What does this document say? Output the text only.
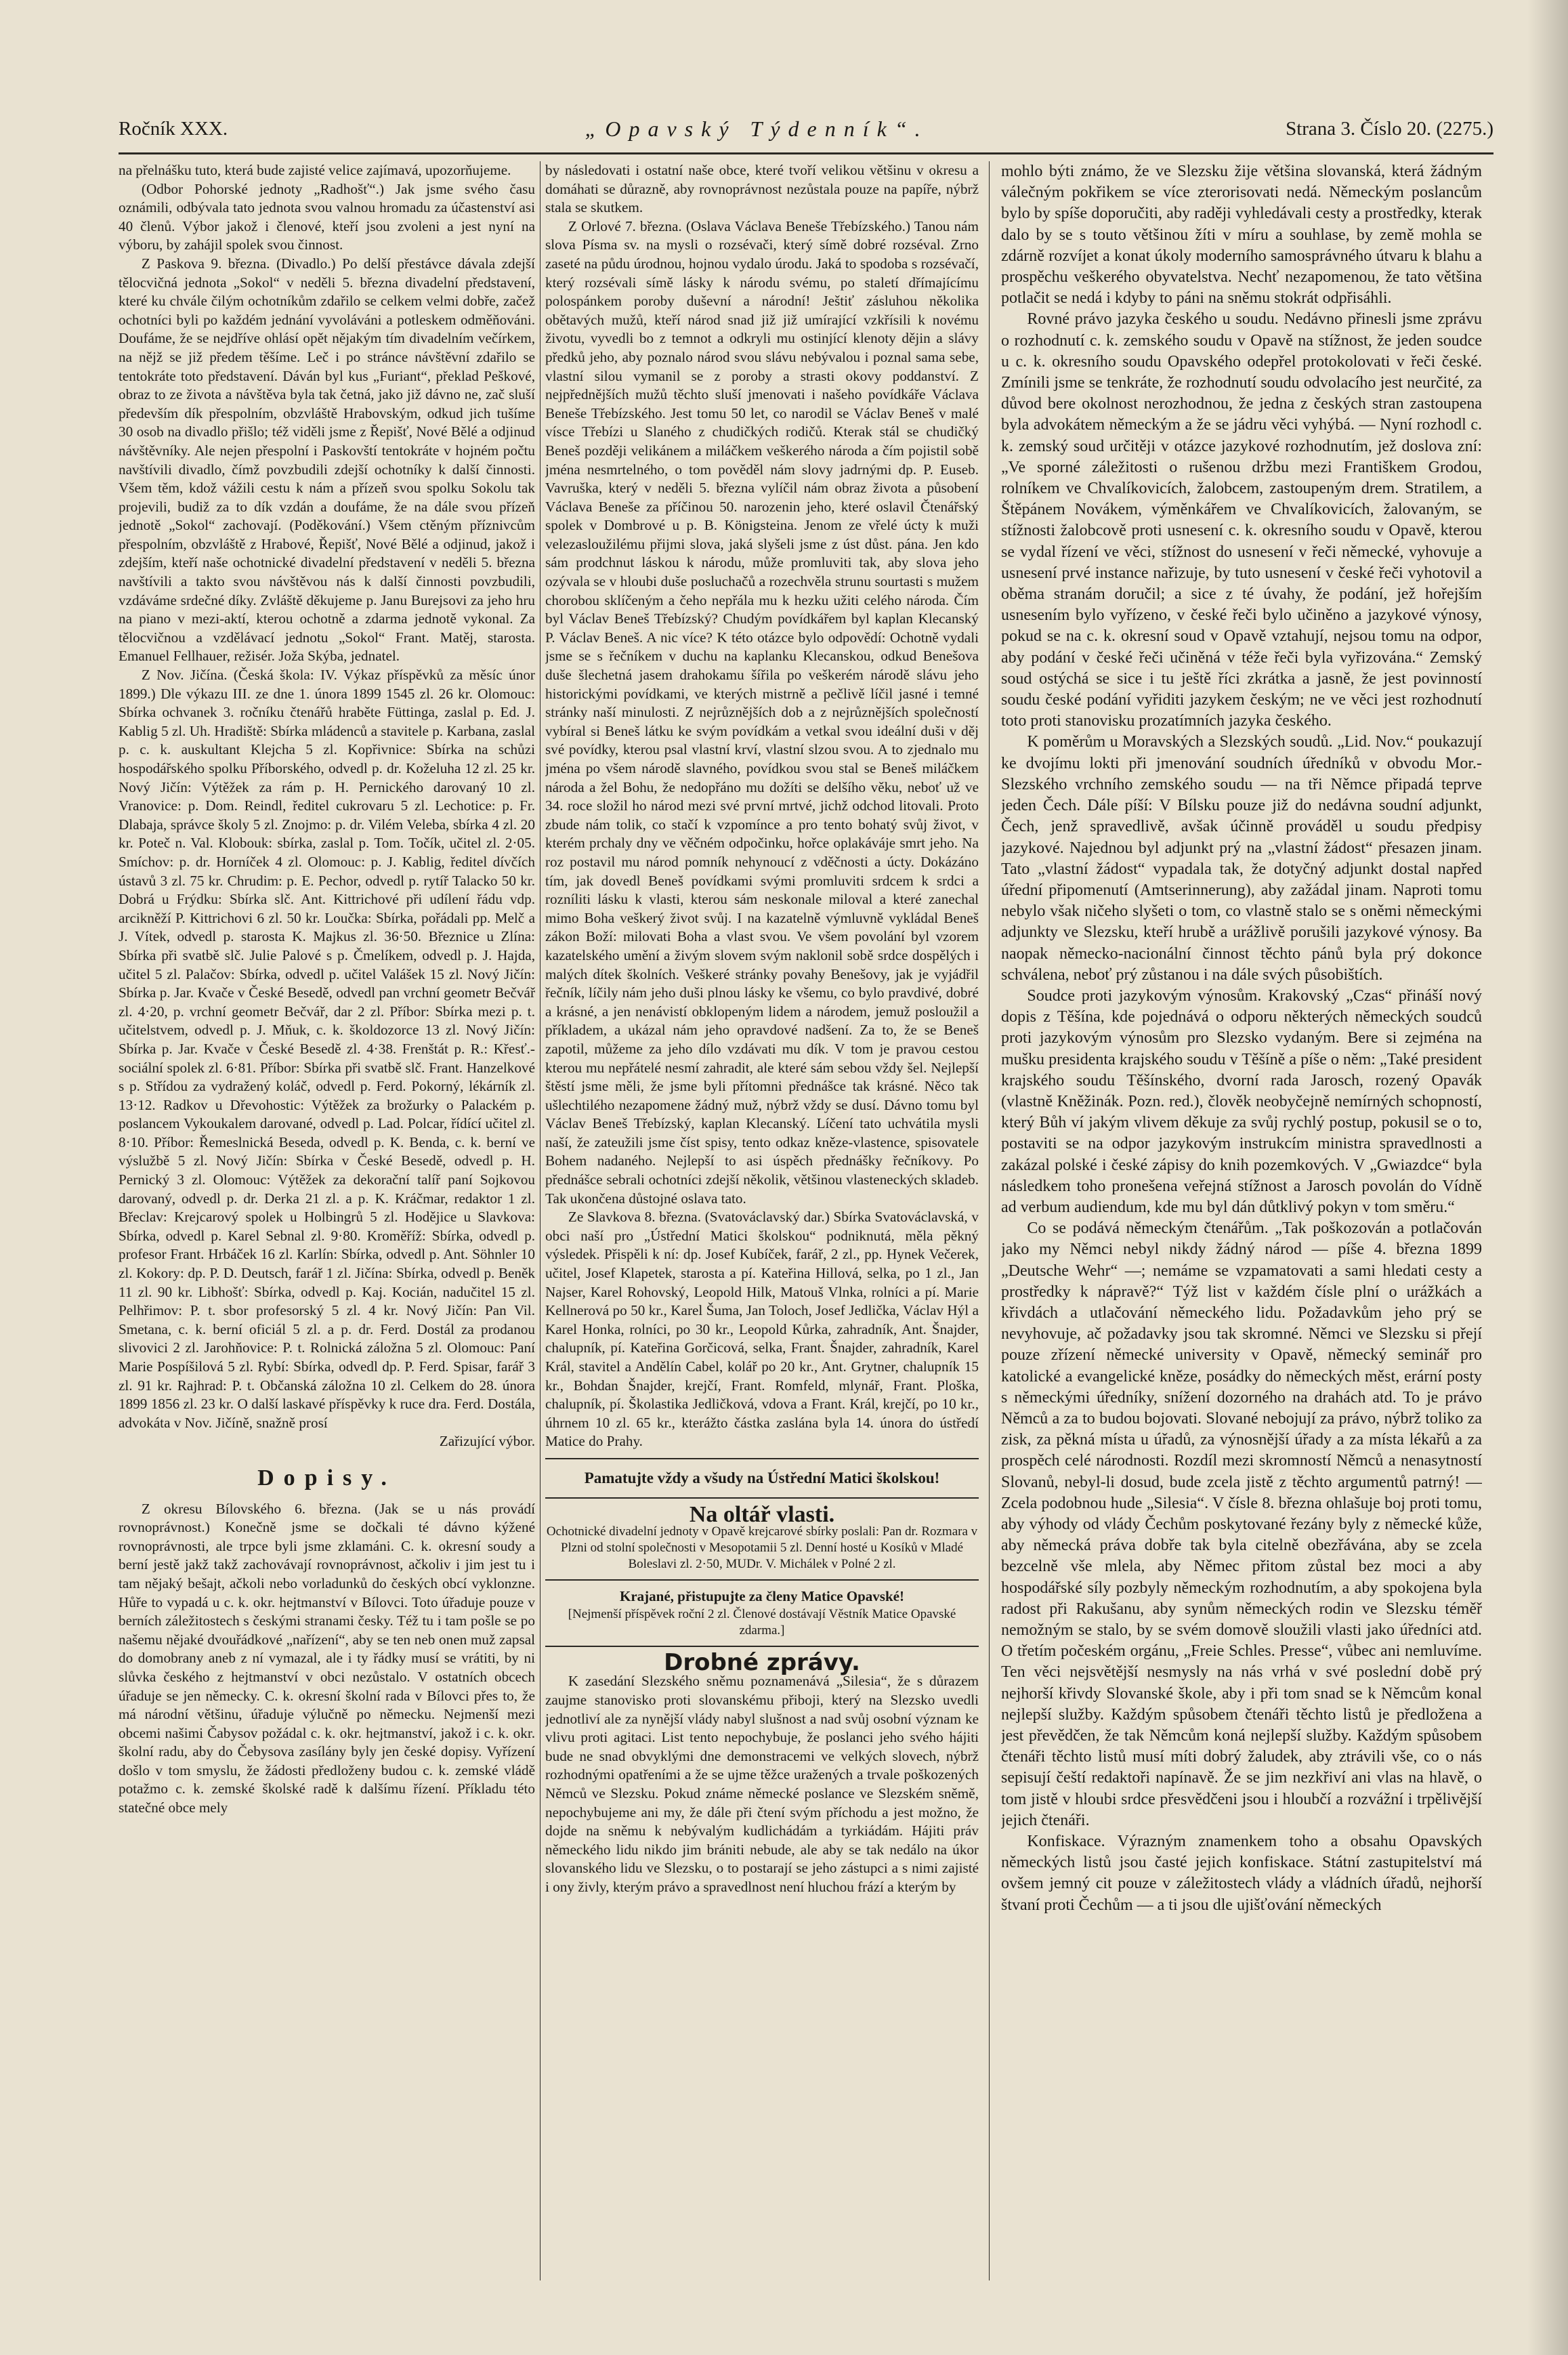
Ročník XXX.	„Opavský Týdenník“.	Strana 3. Číslo 20. (2275.)

na přelnášku tuto, která bude zajisté velice zajímavá, upozorňujeme.

(Odbor Pohorské jednoty „Radhošť“.) Jak jsme svého času oznámili, odbývala tato jednota svou valnou hromadu za účastenství asi 40 členů. Výbor jakož i členové, kteří jsou zvoleni a jest nyní na výboru, by zahájil spolek svou činnost.

Z Paskova 9. března. (Divadlo.) Po delší přestávce dávala zdejší tělocvičná jednota „Sokol“ v neděli 5. března divadelní představení, které ku chvále čilým ochotníkům zdařilo se celkem velmi dobře, začež ochotníci byli po každém jednání vyvoláváni a potleskem odměňováni. Doufáme, že se nejdříve ohlásí opět nějakým tím divadelním večírkem, na nějž se již předem těšíme. Leč i po stránce návštěvní zdařilo se tentokráte toto představení. Dáván byl kus „Furiant“, překlad Peškové, obraz to ze života a návštěva byla tak četná, jako již dávno ne, zač sluší především dík přespolním, obzvláště Hrabovským, odkud jich tušíme 30 osob na divadlo přišlo; též viděli jsme z Řepišť, Nové Bělé a odjinud návštěvníky. Ale nejen přespolní i Paskovští tentokráte v hojném počtu navštívili divadlo, čímž povzbudili zdejší ochotníky k další činnosti. Všem těm, kdož vážili cestu k nám a přízeň svou spolku Sokolu tak projevili, budiž za to dík vzdán a doufáme, že na dále svou přízeň jednotě „Sokol“ zachovají. (Poděkování.) Všem ctěným příznivcům přespolním, obzvláště z Hrabové, Řepišť, Nové Bělé a odjinud, jakož i zdejším, kteří naše ochotnické divadelní představení v neděli 5. března navštívili a takto svou návštěvou nás k další činnosti povzbudili, vzdáváme srdečné díky. Zvláště děkujeme p. Janu Burejsovi za jeho hru na piano v mezi-aktí, kterou ochotně a zdarma jednotě vykonal. Za tělocvičnou a vzdělávací jednotu „Sokol“ Frant. Matěj, starosta. Emanuel Fellhauer, režisér. Joža Skýba, jednatel.

Z Nov. Jičína. (Česká škola: IV. Výkaz příspěvků za měsíc únor 1899.) Dle výkazu III. ze dne 1. února 1899 1545 zl. 26 kr. Olomouc: Sbírka ochvanek 3. ročníku čtenářů hraběte Füttinga, zaslal p. Ed. J. Kablig 5 zl. Uh. Hradiště: Sbírka mládenců a stavitele p. Karbana, zaslal p. c. k. auskultant Klejcha 5 zl. Kopřivnice: Sbírka na schůzi hospodářského spolku Příborského, odvedl p. dr. Koželuha 12 zl. 25 kr. Nový Jičín: Výtěžek za rám p. H. Pernického darovaný 10 zl. Vranovice: p. Dom. Reindl, ředitel cukrovaru 5 zl. Lechotice: p. Fr. Dlabaja, správce školy 5 zl. Znojmo: p. dr. Vilém Veleba, sbírka 4 zl. 20 kr. Poteč n. Val. Klobouk: sbírka, zaslal p. Tom. Točík, učitel zl. 2·05. Smíchov: p. dr. Horníček 4 zl. Olomouc: p. J. Kablig, ředitel dívčích ústavů 3 zl. 75 kr. Chrudim: p. E. Pechor, odvedl p. rytíř Talacko 50 kr. Dobrá u Frýdku: Sbírka slč. Ant. Kittrichové při udílení řádu vdp. arcikněží P. Kittrichovi 6 zl. 50 kr. Loučka: Sbírka, pořádali pp. Melč a J. Vítek, odvedl p. starosta K. Majkus zl. 36·50. Březnice u Zlína: Sbírka při svatbě slč. Julie Palové s p. Čmelíkem, odvedl p. J. Hajda, učitel 5 zl. Palačov: Sbírka, odvedl p. učitel Valášek 15 zl. Nový Jičín: Sbírka p. Jar. Kvače v České Besedě, odvedl pan vrchní geometr Bečvář zl. 4·20, p. vrchní geometr Bečvář, dar 2 zl. Příbor: Sbírka mezi p. t. učitelstvem, odvedl p. J. Mňuk, c. k. školdozorce 13 zl. Nový Jičín: Sbírka p. Jar. Kvače v České Besedě zl. 4·38. Frenštát p. R.: Křesť.-sociální spolek zl. 6·81. Příbor: Sbírka při svatbě slč. Frant. Hanzelkové s p. Střídou za vydražený koláč, odvedl p. Ferd. Pokorný, lékárník zl. 13·12. Radkov u Dřevohostic: Výtěžek za brožurky o Palackém p. poslancem Vykoukalem darované, odvedl p. Lad. Polcar, řídící učitel zl. 8·10. Příbor: Řemeslnická Beseda, odvedl p. K. Benda, c. k. berní ve výslužbě 5 zl. Nový Jičín: Sbírka v České Besedě, odvedl p. H. Pernický 3 zl. Olomouc: Výtěžek za dekorační talíř paní Sojkovou darovaný, odvedl p. dr. Derka 21 zl. a p. K. Kráčmar, redaktor 1 zl. Břeclav: Krejcarový spolek u Holbingrů 5 zl. Hodějice u Slavkova: Sbírka, odvedl p. Karel Sebnal zl. 9·80. Kroměříž: Sbírka, odvedl p. profesor Frant. Hrbáček 16 zl. Karlín: Sbírka, odvedl p. Ant. Söhnler 10 zl. Kokory: dp. P. D. Deutsch, farář 1 zl. Jičína: Sbírka, odvedl p. Beněk 11 zl. 90 kr. Libhošť: Sbírka, odvedl p. Kaj. Kocián, nadučitel 15 zl. Pelhřimov: P. t. sbor profesorský 5 zl. 4 kr. Nový Jičín: Pan Vil. Smetana, c. k. berní oficiál 5 zl. a p. dr. Ferd. Dostál za prodanou slivovici 2 zl. Jarohňovice: P. t. Rolnická záložna 5 zl. Olomouc: Paní Marie Pospíšilová 5 zl. Rybí: Sbírka, odvedl dp. P. Ferd. Spisar, farář 3 zl. 91 kr. Rajhrad: P. t. Občanská záložna 10 zl. Celkem do 28. února 1899 1856 zl. 23 kr. O další laskavé příspěvky k ruce dra. Ferd. Dostála, advokáta v Nov. Jičíně, snažně prosí

Zařizující výbor.

Dopisy.

Z okresu Bílovského 6. března. (Jak se u nás provádí rovnoprávnost.) Konečně jsme se dočkali té dávno kýžené rovnoprávnosti, ale trpce byli jsme zklamáni. C. k. okresní soudy a berní jestě jakž takž zachovávají rovnoprávnost, ačkoliv i jim jest tu i tam nějaký bešajt, ačkoli nebo vorladunků do českých obcí vyklonzne. Hůře to vypadá u c. k. okr. hejtmanství v Bílovci. Toto úřaduje pouze v berních záležitostech s českými stranami česky. Též tu i tam pošle se po našemu nějaké dvouřádkové „nařízení“, aby se ten neb onen muž zapsal do domobrany aneb z ní vymazal, ale i ty řádky musí se vrátiti, by ni slůvka českého z hejtmanství v obci nezůstalo. V ostatních obcech úřaduje se jen německy. C. k. okresní školní rada v Bílovci přes to, že má národní většinu, úřaduje výlučně po německu. Nejmenší mezi obcemi našimi Čabysov požádal c. k. okr. hejtmanství, jakož i c. k. okr. školní radu, aby do Čebysova zasílány byly jen české dopisy. Vyřízení došlo v tom smyslu, že žádosti předloženy budou c. k. zemské vládě potažmo c. k. zemské školské radě k dalšímu řízení. Příkladu této statečné obce mely

by následovati i ostatní naše obce, které tvoří velikou většinu v okresu a domáhati se důrazně, aby rovnoprávnost nezůstala pouze na papíře, nýbrž stala se skutkem.

Z Orlové 7. března. (Oslava Václava Beneše Třebízského.) Tanou nám slova Písma sv. na mysli o rozsévači, který símě dobré rozséval. Zrno zaseté na půdu úrodnou, hojnou vydalo úrodu. Jaká to spodoba s rozsévačí, který rozsévali símě lásky k národu svému, po staletí dřímajícímu polospánkem poroby duševní a národní! Ještiť zásluhou několika obětavých mužů, kteří národ snad již již umírající vzkřísili k novému životu, vyvedli bo z temnot a odkryli mu ostinjící klenoty dějin a slávy předků jeho, aby poznalo národ svou slávu nebývalou i poznal sama sebe, vlastní silou vymanil se z poroby a strasti okovy poddanství. Z nejpřednějších mužů těchto sluší jmenovati i našeho povídkáře Václava Beneše Třebízského. Jest tomu 50 let, co narodil se Václav Beneš v malé vísce Třebízi u Slaného z chudičkých rodičů. Kterak stál se chudičký Beneš později velikánem a miláčkem veškerého národa a čím pojistil sobě jména nesmrtelného, o tom pověděl nám slovy jadrnými dp. P. Euseb. Vavruška, který v neděli 5. března vylíčil nám obraz života a působení Václava Beneše za příčinou 50. narozenin jeho, které oslavil Čtenářský spolek v Dombrové u p. B. Königsteina. Jenom ze vřelé úcty k muži velezasloužilému přijmi slova, jaká slyšeli jsme z úst důst. pána. Jen kdo sám prodchnut láskou k národu, může promluviti tak, aby slova jeho ozývala se v hloubi duše posluchačů a rozechvěla strunu sourtasti s mužem chorobou sklíčeným a čeho nepřála mu k hezku užiti celého národa. Čím byl Václav Beneš Třebízský? Chudým povídkářem byl kaplan Klecanský P. Václav Beneš. A nic více? K této otázce bylo odpovědí: Ochotně vydali jsme se s řečníkem v duchu na kaplanku Klecanskou, odkud Benešova duše šlechetná jasem drahokamu šířila po veškerém národě slávu jeho historickými povídkami, ve kterých mistrně a pečlivě líčil jasné i temné stránky naší minulosti. Z nejrůznějších dob a z nejrůznějších společností vybíral si Beneš látku ke svým povídkám a vetkal svou ideální duši v děj své povídky, kterou psal vlastní krví, vlastní slzou svou. A to zjednalo mu jména po všem národě slavného, povídkou svou stal se Beneš miláčkem národa a žel Bohu, že nedopřáno mu dožíti se delšího věku, neboť už ve 34. roce složil ho národ mezi své první mrtvé, jichž odchod litovali. Proto zbude nám tolik, co stačí k vzpomínce a pro tento bohatý svůj život, v kterém prchaly dny ve věčném odpočinku, hořce oplakáváje smrt jeho. Na roz postavil mu národ pomník nehynoucí z vděčnosti a úcty. Dokázáno tím, jak dovedl Beneš povídkami svými promluviti srdcem k srdci a rozníliti lásku k vlasti, kterou sám neskonale miloval a které zanechal mimo Boha veškerý život svůj. I na kazatelně výmluvně vykládal Beneš zákon Boží: milovati Boha a vlast svou. Ve všem povolání byl vzorem kazatelského umění a živým slovem svým naklonil sobě srdce dospělých i malých dítek školních. Veškeré stránky povahy Benešovy, jak je vyjádřil řečník, líčily nám jeho duši plnou lásky ke všemu, co bylo pravdivé, dobré a krásné, a jen nenávistí obklopeným lidem a národem, jemuž posloužil a příkladem, a ukázal nám jeho opravdové nadšení. Za to, že se Beneš zapotil, můžeme za jeho dílo vzdávati mu dík. V tom je pravou cestou kterou mu nepřátelé nesmí zahradit, ale které sám sebou vždy šel. Nejlepší štěstí jsme měli, že jsme byli přítomni přednášce tak krásné. Něco tak ušlechtilého nezapomene žádný muž, nýbrž vždy se dusí. Dávno tomu byl Václav Beneš Třebízský, kaplan Klecanský. Líčení tato uchvátila mysli naší, že zateužili jsme číst spisy, tento odkaz kněze-vlastence, spisovatele Bohem nadaného. Nejlepší to asi úspěch přednášky řečníkovy. Po přednášce sebrali ochotníci zdejší několik, většinou vlasteneckých skladeb. Tak ukončena důstojné oslava tato.

Ze Slavkova 8. března. (Svatováclavský dar.) Sbírka Svatováclavská, v obci naší pro „Ústřední Matici školskou“ podniknutá, měla pěkný výsledek. Přispěli k ní: dp. Josef Kubíček, farář, 2 zl., pp. Hynek Večerek, učitel, Josef Klapetek, starosta a pí. Kateřina Hillová, selka, po 1 zl., Jan Najser, Karel Rohovský, Leopold Hilk, Matouš Vlnka, rolníci a pí. Marie Kellnerová po 50 kr., Karel Šuma, Jan Toloch, Josef Jedlička, Václav Hýl a Karel Honka, rolníci, po 30 kr., Leopold Kůrka, zahradník, Ant. Šnajder, chalupník, pí. Kateřina Gorčicová, selka, Frant. Šnajder, zahradník, Karel Král, stavitel a Andělín Cabel, kolář po 20 kr., Ant. Grytner, chalupník 15 kr., Bohdan Šnajder, krejčí, Frant. Romfeld, mlynář, Frant. Ploška, chalupník, pí. Školastika Jedličková, vdova a Frant. Král, krejčí, po 10 kr., úhrnem 10 zl. 65 kr., kterážto částka zaslána byla 14. února do ústředí Matice do Prahy.

Pamatujte vždy a všudy na Ústřední Matici školskou!

Na oltář vlasti.

Ochotnické divadelní jednoty v Opavě krejcarové sbírky poslali: Pan dr. Rozmara v Plzni od stolní společnosti v Mesopotamii 5 zl. Denní hosté u Kosíků v Mladé Boleslavi zl. 2·50, MUDr. V. Michálek v Polné 2 zl.

Krajané, přistupujte za členy Matice Opavské!

[Nejmenší příspěvek roční 2 zl. Členové dostávají Věstník Matice Opavské zdarma.]

Drobné zprávy.

K zasedání Slezského sněmu poznamenává „Silesia“, že s důrazem zaujme stanovisko proti slovanskému přiboji, který na Slezsko uvedli jednotliví ale za nynější vlády nabyl slušnost a nad svůj osobní význam ke vlivu proti agitaci. List tento nepochybuje, že poslanci jeho svého hájiti bude ne snad obvyklými dne demonstracemi ve velkých slovech, nýbrž rozhodnými opatřeními a že se ujme těžce uražených a trvale poškozených Němců ve Slezsku. Pokud známe německé poslance ve Slezském sněmě, nepochybujeme ani my, že dále při čtení svým příchodu a jest možno, že dojde na sněmu k nebývalým kudlichádám a tyrkiádám. Hájiti práv německého lidu nikdo jim brániti nebude, ale aby se tak nedálo na úkor slovanského lidu ve Slezsku, o to postarají se jeho zástupci a s nimi zajisté i ony živly, kterým právo a spravedlnost není hluchou frází a kterým by

mohlo býti známo, že ve Slezsku žije většina slovanská, která žádným válečným pokřikem se více zterorisovati nedá. Německým poslancům bylo by spíše doporučiti, aby raději vyhledávali cesty a prostředky, kterak dalo by se s touto většinou žíti v míru a souhlase, by země mohla se zdárně rozvíjet a konat úkoly moderního samosprávného útvaru k blahu a prospěchu veškerého obyvatelstva. Nechť nezapomenou, že tato většina potlačit se nedá i kdyby to páni na sněmu stokrát odpřisáhli.

Rovné právo jazyka českého u soudu. Nedávno přinesli jsme zprávu o rozhodnutí c. k. zemského soudu v Opavě na stížnost, že jeden soudce u c. k. okresního soudu Opavského odepřel protokolovati v řeči české. Zmínili jsme se tenkráte, že rozhodnutí soudu odvolacího jest neurčité, za důvod bere okolnost nerozhodnou, že jedna z českých stran zastoupena byla advokátem německým a že se jádru věci vyhýbá. — Nyní rozhodl c. k. zemský soud určitěji v otázce jazykové rozhodnutím, jež doslova zní: „Ve sporné záležitosti o rušenou držbu mezi Františkem Grodou, rolníkem ve Chvalíkovicích, žalobcem, zastoupeným drem. Stratilem, a Štěpánem Novákem, výměnkářem ve Chvalíkovicích, žalovaným, se stížnosti žalobcově proti usnesení c. k. okresního soudu v Opavě, kterou se vydal řízení ve věci, stížnost do usnesení v řeči německé, vyhovuje a usnesení prvé instance nařizuje, by tuto usnesení v české řeči vyhotovil a oběma stranám doručil; a sice z té úvahy, že podání, jež hořejším usnesením bylo vyřízeno, v české řeči bylo učiněno a jazykové výnosy, pokud se na c. k. okresní soud v Opavě vztahují, nejsou tomu na odpor, aby podání v české řeči učiněná v téže řeči byla vyřizována.“ Zemský soud ostýchá se sice i tu ještě říci zkrátka a jasně, že jest povinností soudu české podání vyřiditi jazykem českým; ne ve věci jest rozhodnutí toto proti stanovisku prozatímních jazyka českého.

K poměrům u Moravských a Slezských soudů. „Lid. Nov.“ poukazují ke dvojímu lokti při jmenování soudních úředníků v obvodu Mor.-Slezského vrchního zemského soudu — na tři Němce připadá teprve jeden Čech. Dále píší: V Bílsku pouze již do nedávna soudní adjunkt, Čech, jenž spravedlivě, avšak účinně prováděl u soudu předpisy jazykové. Najednou byl adjunkt prý na „vlastní žádost“ přesazen jinam. Tato „vlastní žádost“ vypadala tak, že dotyčný adjunkt dostal napřed úřední připomenutí (Amtserinnerung), aby zažádal jinam. Naproti tomu nebylo však ničeho slyšeti o tom, co vlastně stalo se s oněmi německými adjunkty ve Slezsku, kteří hrubě a urážlivě porušili jazykové výnosy. Ba naopak německo-nacionální činnost těchto pánů byla prý dokonce schválena, neboť prý zůstanou i na dále svých působištích.

Soudce proti jazykovým výnosům. Krakovský „Czas“ přináší nový dopis z Těšína, kde pojednává o odporu některých německých soudců proti jazykovým výnosům pro Slezsko vydaným. Bere si zejména na mušku presidenta krajského soudu v Těšíně a píše o něm: „Také president krajského soudu Těšínského, dvorní rada Jarosch, rozený Opavák (vlastně Kněžinák. Pozn. red.), člověk neobyčejně nemírných schopností, který Bůh ví jakým vlivem děkuje za svůj rychlý postup, pokusil se o to, postaviti se na odpor jazykovým instrukcím ministra spravedlnosti a zakázal polské i české zápisy do knih pozemkových. V „Gwiazdce“ byla následkem toho pronešena veřejná stížnost a Jarosch povolán do Vídně ad verbum audiendum, kde mu byl dán důtklivý pokyn v tom směru.“

Co se podává německým čtenářům. „Tak poškozován a potlačován jako my Němci nebyl nikdy žádný národ — píše 4. března 1899 „Deutsche Wehr“ —; nemáme se vzpamatovati a sami hledati cesty a prostředky k nápravě?“ Týž list v každém čísle plní o urážkách a křivdách a utlačování německého lidu. Požadavkům jeho prý se nevyhovuje, ač požadavky jsou tak skromné. Němci ve Slezsku si přejí pouze zřízení německé university v Opavě, německý seminář pro katolické a evangelické kněze, posádky do německých měst, erární posty s německými úředníky, snížení dozorného na drahách atd. To je právo Němců a za to budou bojovati. Slované nebojují za právo, nýbrž toliko za zisk, za pěkná místa u úřadů, za výnosnější úřady a za místa lékařů a za prospěch celé národnosti. Rozdíl mezi skromností Němců a nenasytností Slovanů, nebyl-li dosud, bude zcela jistě z těchto argumentů patrný! — Zcela podobnou hude „Silesia“. V čísle 8. března ohlašuje boj proti tomu, aby výhody od vlády Čechům poskytované řezány byly z německé kůže, aby německá práva dobře tak byla citelně obezřávána, aby se zcela bezcelně vše mlela, aby Němec přitom zůstal bez moci a aby hospodářské síly pozbyly německým rozhodnutím, a aby spokojena byla radost při Rakušanu, aby synům německých rodin ve Slezsku téměř nemožným se stalo, by se svém domově sloužili vlasti jako úředníci atd. O třetím počeském orgánu, „Freie Schles. Presse“, vůbec ani nemluvíme. Ten věci nejsvětější nesmysly na nás vrhá v své poslední době prý nejhorší křivdy Slovanské škole, aby i při tom snad se k Němcům konal nejlepší služby. Každým spůsobem čtenáři těchto listů je předložena a jest převědčen, že tak Němcům koná nejlepší služby. Každým spůsobem čtenáři těchto listů musí míti dobrý žaludek, aby ztrávili vše, co o nás sepisují čeští redaktoři napínavě. Že se jim nezkřiví ani vlas na hlavě, o tom jistě v hloubi srdce přesvědčeni jsou i hloubčí a rozvážní i trpělivější jejich čtenáři.

Konfiskace. Výrazným znamenkem toho a obsahu Opavských německých listů jsou časté jejich konfiskace. Státní zastupitelství má ovšem jemný cit pouze v záležitostech vlády a vládních úřadů, nejhorší štvaní proti Čechům — a ti jsou dle ujišťování německých
